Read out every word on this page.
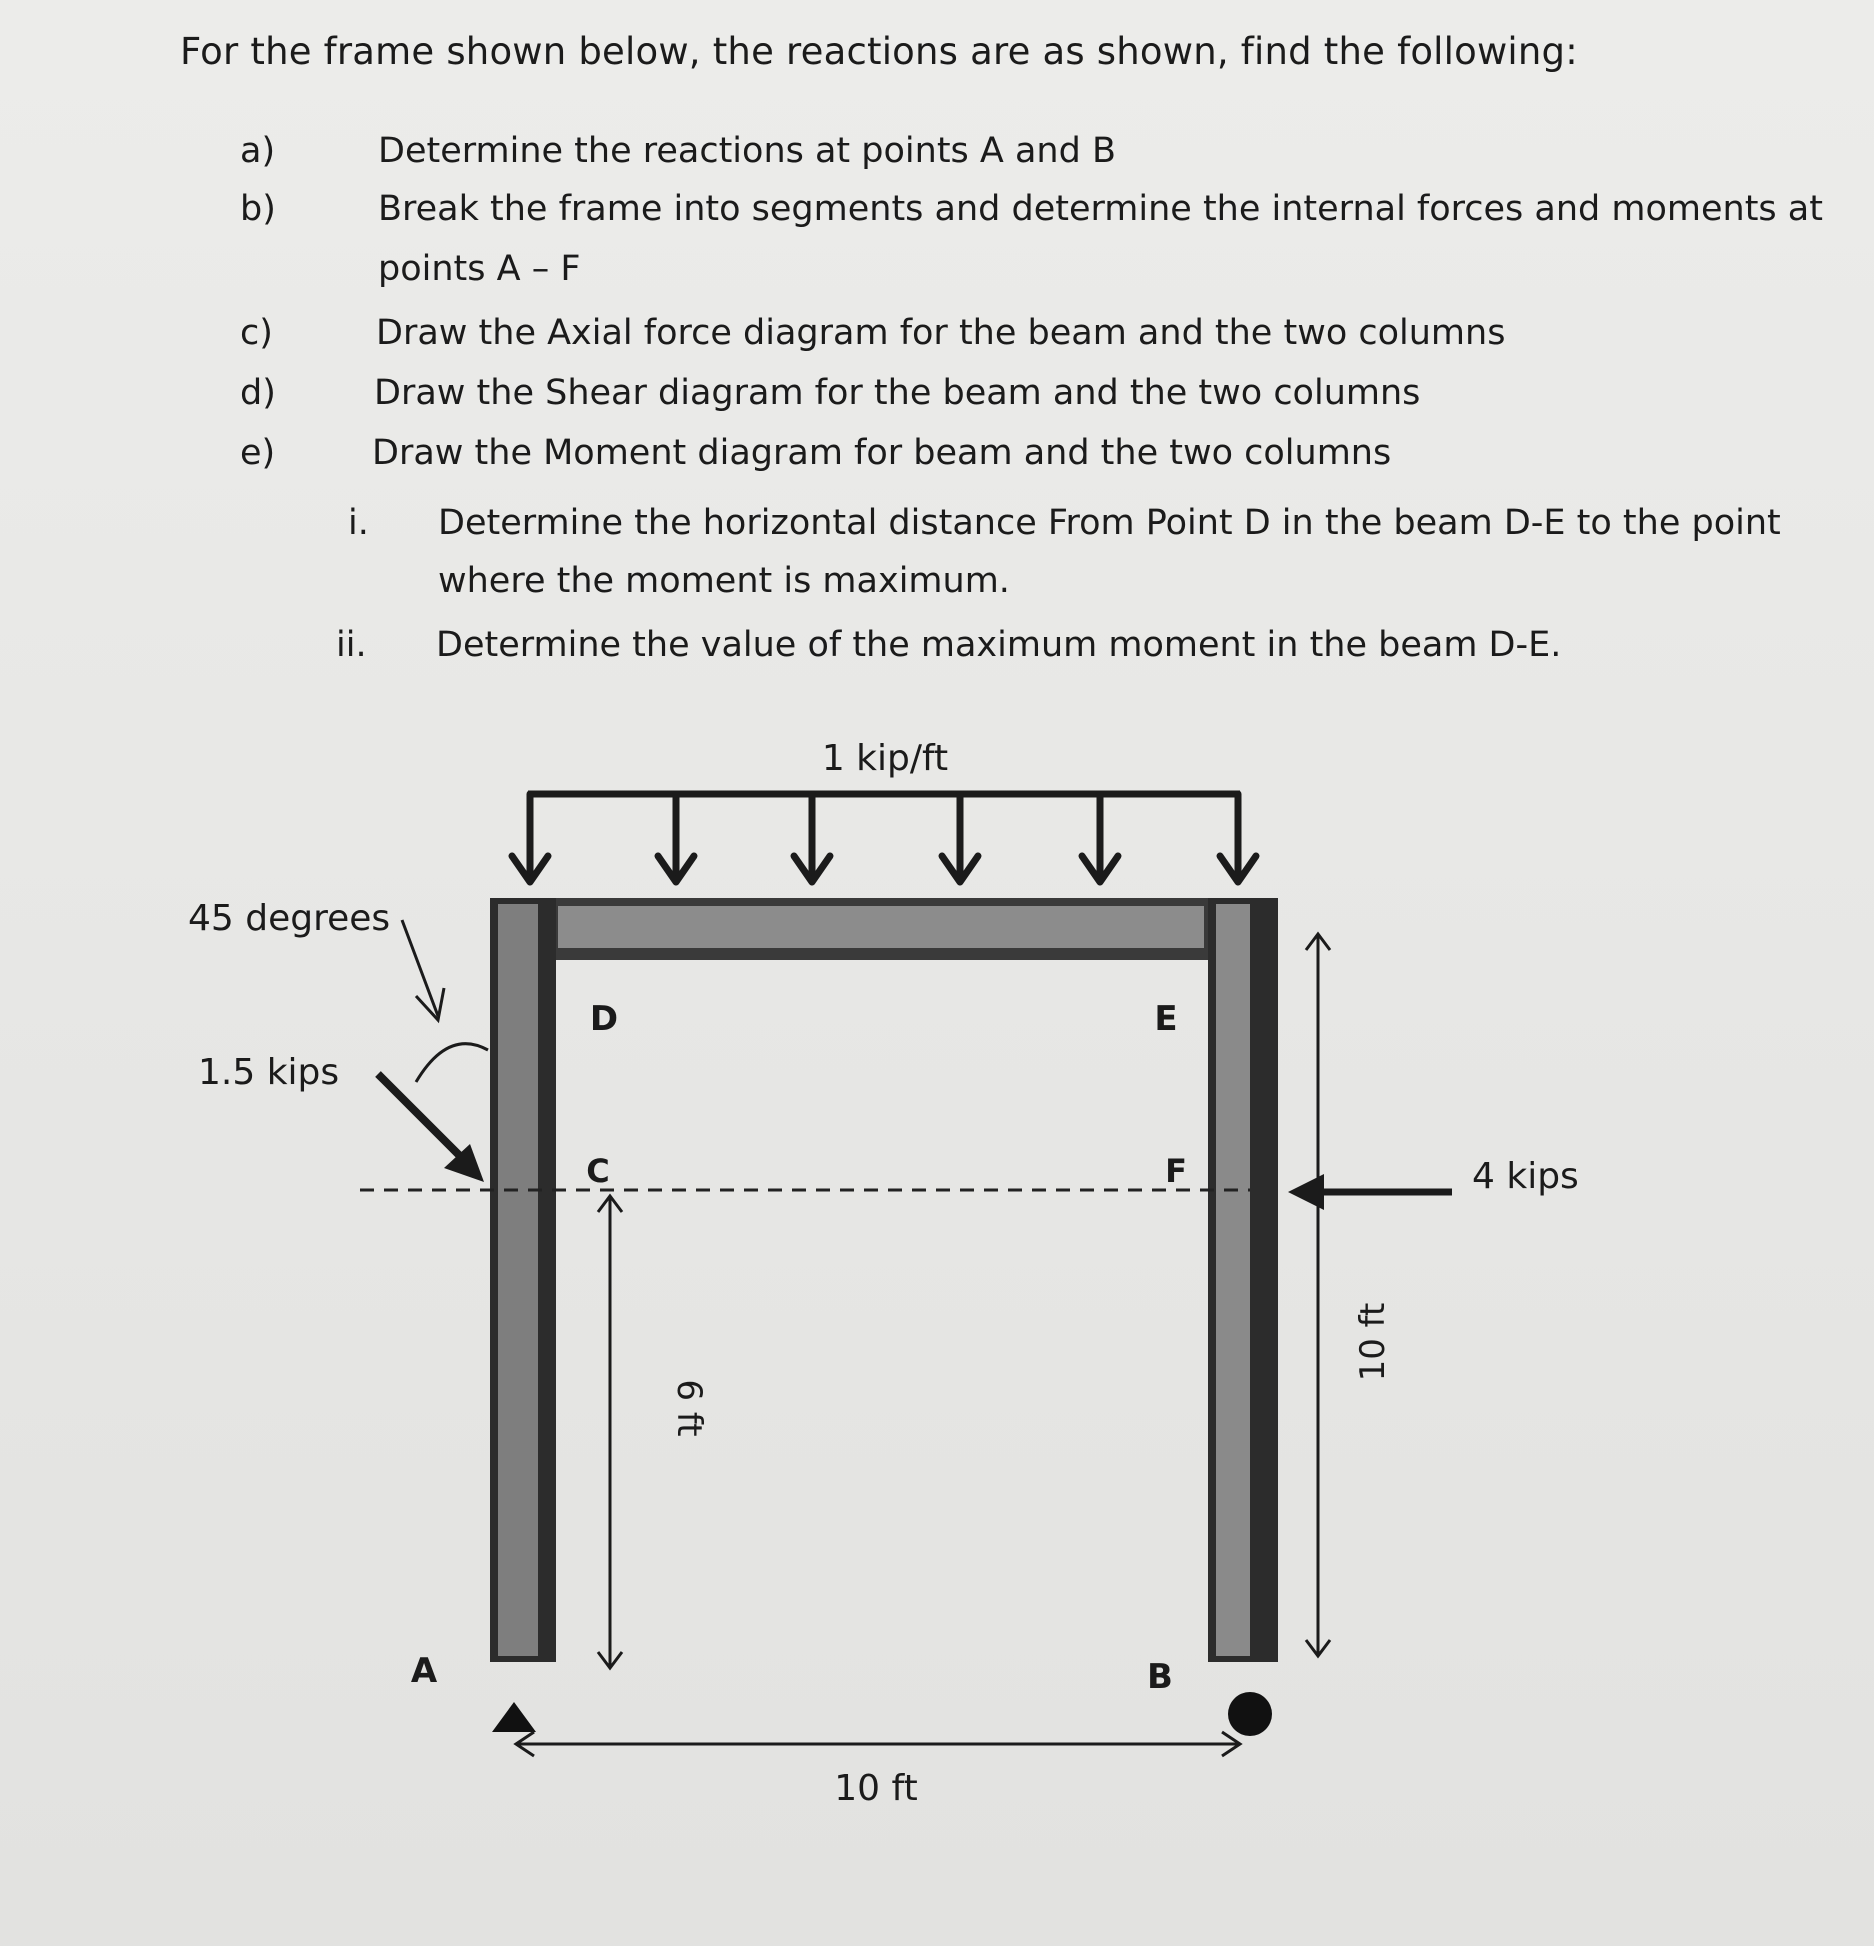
For the frame shown below, the reactions are as shown, find the following:
a)	Determine the reactions at points A and B
b)	Break the frame into segments and determine the internal forces and moments at
points A – F
c)	Draw the Axial force diagram for the beam and the two columns
d)	Draw the Shear diagram for the beam and the two columns
e)	Draw the Moment diagram for beam and the two columns
i.	Determine the horizontal distance From Point D in the beam D-E to the point
where the moment is maximum.
ii.	Determine the value of the maximum moment in the beam D-E.
1 kip/ft
D	E
C	F
A	B
45 degrees
1.5 kips
4 kips
6 ft
10 ft
10 ft
